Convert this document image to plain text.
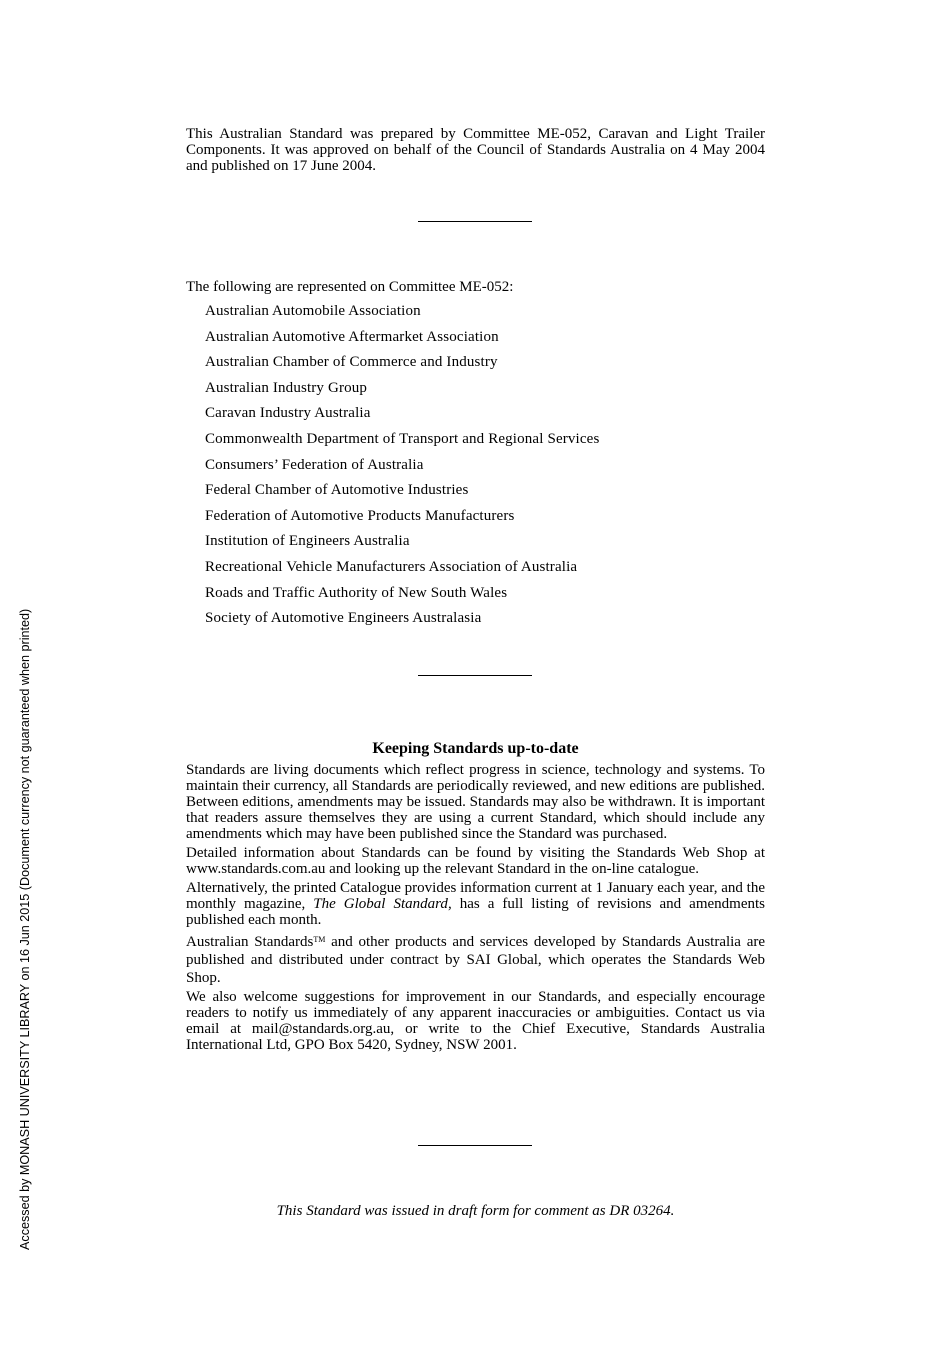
This Australian Standard was prepared by Committee ME-052, Caravan and Light Trailer Components. It was approved on behalf of the Council of Standards Australia on 4 May 2004 and published on 17 June 2004.
The following are represented on Committee ME-052:
Australian Automobile Association
Australian Automotive Aftermarket Association
Australian Chamber of Commerce and Industry
Australian Industry Group
Caravan Industry Australia
Commonwealth Department of Transport and Regional Services
Consumers’ Federation of Australia
Federal Chamber of Automotive Industries
Federation of Automotive Products Manufacturers
Institution of Engineers Australia
Recreational Vehicle Manufacturers Association of Australia
Roads and Traffic Authority of New South Wales
Society of Automotive Engineers Australasia
Keeping Standards up-to-date

Standards are living documents which reflect progress in science, technology and systems. To maintain their currency, all Standards are periodically reviewed, and new editions are published. Between editions, amendments may be issued. Standards may also be withdrawn. It is important that readers assure themselves they are using a current Standard, which should include any amendments which may have been published since the Standard was purchased.

Detailed information about Standards can be found by visiting the Standards Web Shop at www.standards.com.au and looking up the relevant Standard in the on-line catalogue.

Alternatively, the printed Catalogue provides information current at 1 January each year, and the monthly magazine, The Global Standard, has a full listing of revisions and amendments published each month.

Australian Standards™ and other products and services developed by Standards Australia are published and distributed under contract by SAI Global, which operates the Standards Web Shop.

We also welcome suggestions for improvement in our Standards, and especially encourage readers to notify us immediately of any apparent inaccuracies or ambiguities. Contact us via email at mail@standards.org.au, or write to the Chief Executive, Standards Australia International Ltd, GPO Box 5420, Sydney, NSW 2001.

This Standard was issued in draft form for comment as DR 03264.
Accessed by MONASH UNIVERSITY LIBRARY on 16 Jun 2015 (Document currency not guaranteed when printed)
